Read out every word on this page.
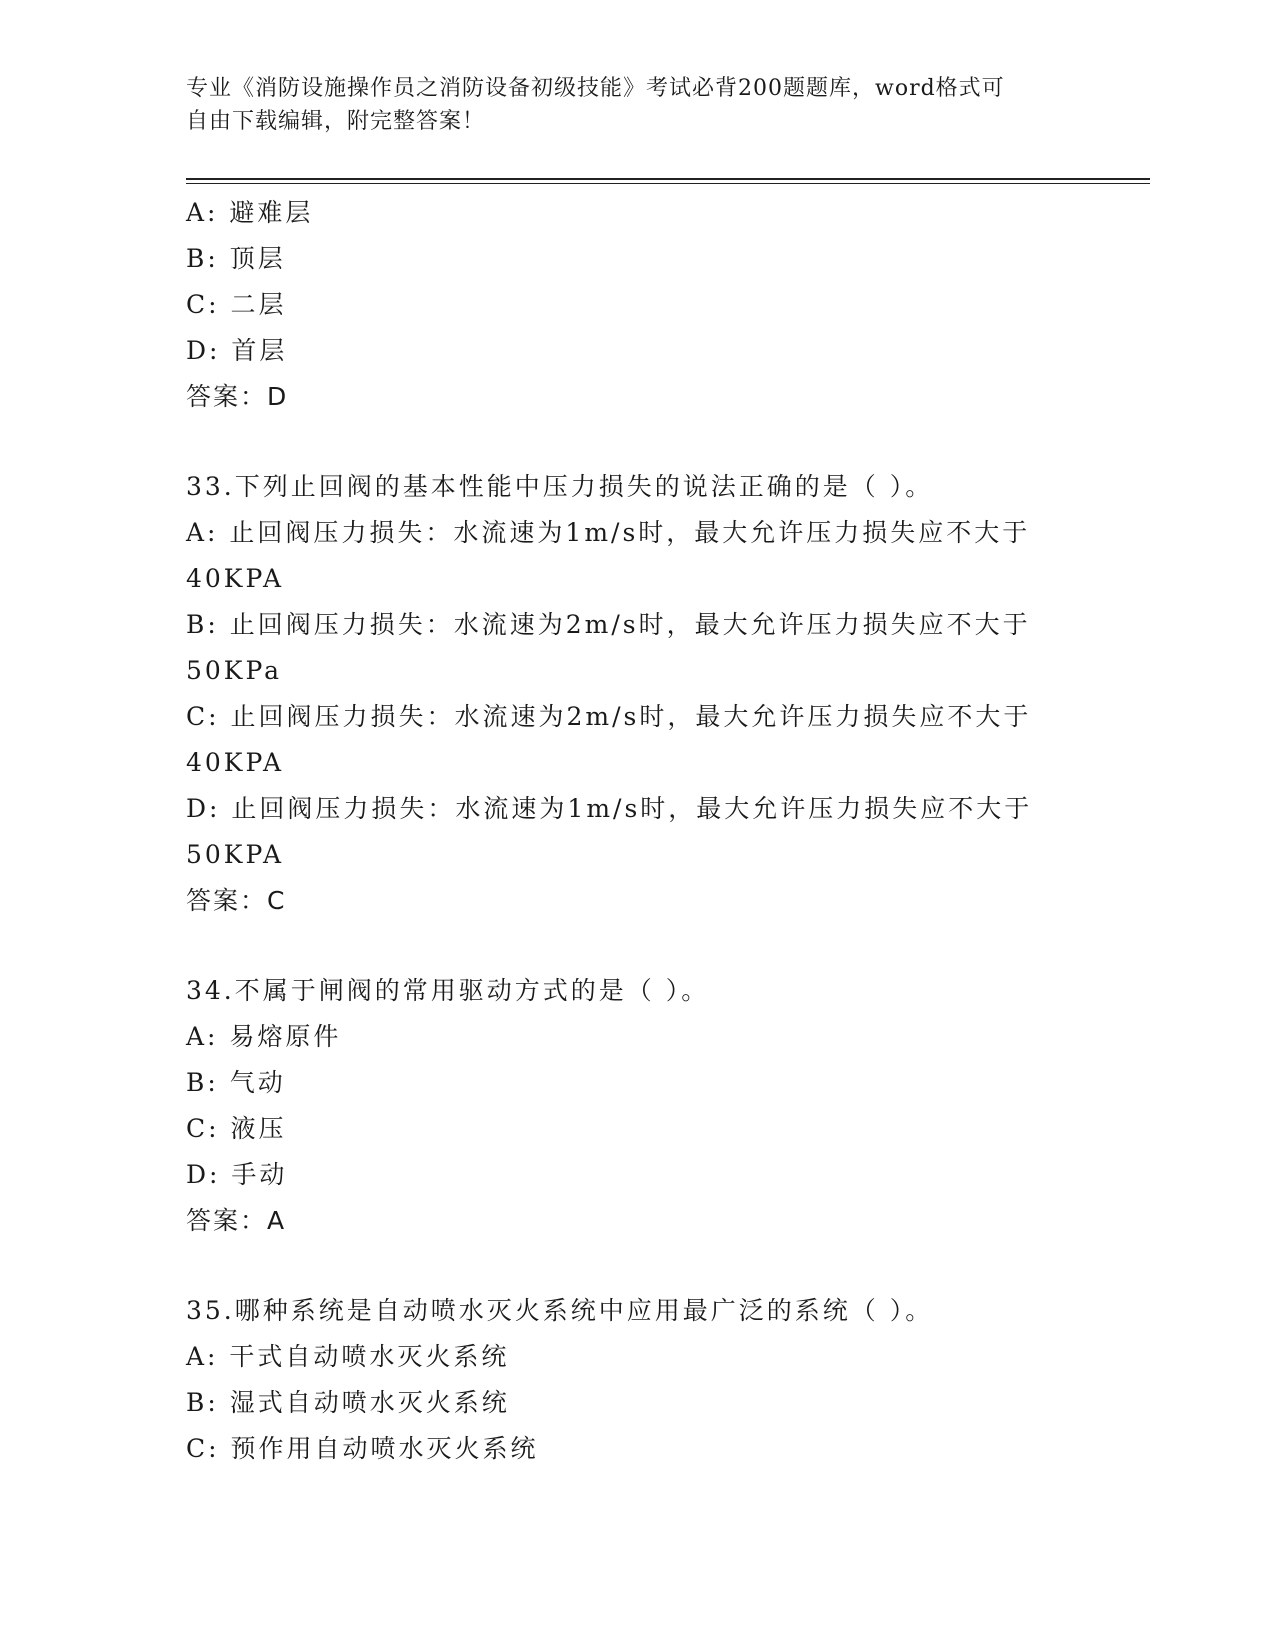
专业《消防设施操作员之消防设备初级技能》考试必背200题题库，word格式可
自由下载编辑，附完整答案！
A: 避难层
B: 顶层
C: 二层
D: 首层
答案：D
33.下列止回阀的基本性能中压力损失的说法正确的是（ ）。
A: 止回阀压力损失：水流速为1m/s时，最大允许压力损失应不大于40KPA
B: 止回阀压力损失：水流速为2m/s时，最大允许压力损失应不大于50KPa
C: 止回阀压力损失：水流速为2m/s时，最大允许压力损失应不大于40KPA
D: 止回阀压力损失：水流速为1m/s时，最大允许压力损失应不大于50KPA
答案：C
34.不属于闸阀的常用驱动方式的是（ ）。
A: 易熔原件
B: 气动
C: 液压
D: 手动
答案：A
35.哪种系统是自动喷水灭火系统中应用最广泛的系统（ ）。
A: 干式自动喷水灭火系统
B: 湿式自动喷水灭火系统
C: 预作用自动喷水灭火系统
